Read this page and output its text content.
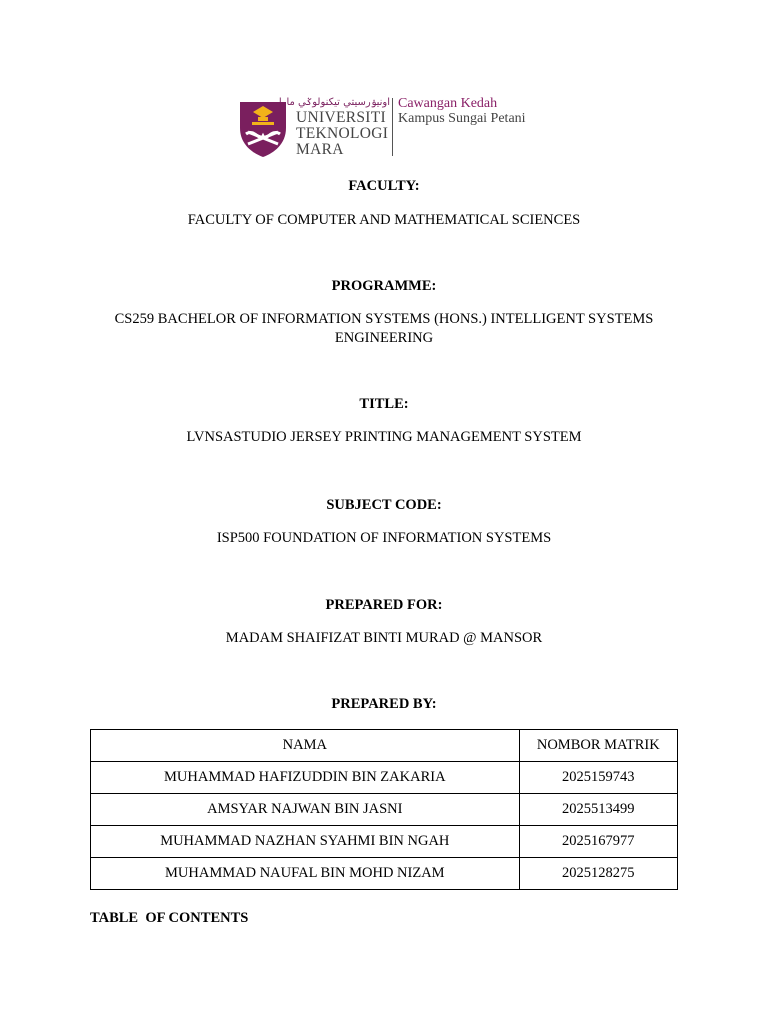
اونيۏرسيتي تيكنولوݢي مارا
UNIVERSITI
TEKNOLOGI
MARA
Cawangan Kedah
Kampus Sungai Petani
FACULTY:
FACULTY OF COMPUTER AND MATHEMATICAL SCIENCES
PROGRAMME:
CS259 BACHELOR OF INFORMATION SYSTEMS (HONS.) INTELLIGENT SYSTEMS
ENGINEERING
TITLE:
LVNSASTUDIO JERSEY PRINTING MANAGEMENT SYSTEM
SUBJECT CODE:
ISP500 FOUNDATION OF INFORMATION SYSTEMS
PREPARED FOR:
MADAM SHAIFIZAT BINTI MURAD @ MANSOR
PREPARED BY:
NAMA	NOMBOR MATRIK
MUHAMMAD HAFIZUDDIN BIN ZAKARIA	2025159743
AMSYAR NAJWAN BIN JASNI	2025513499
MUHAMMAD NAZHAN SYAHMI BIN NGAH	2025167977
MUHAMMAD NAUFAL BIN MOHD NIZAM	2025128275
TABLE  OF CONTENTS
